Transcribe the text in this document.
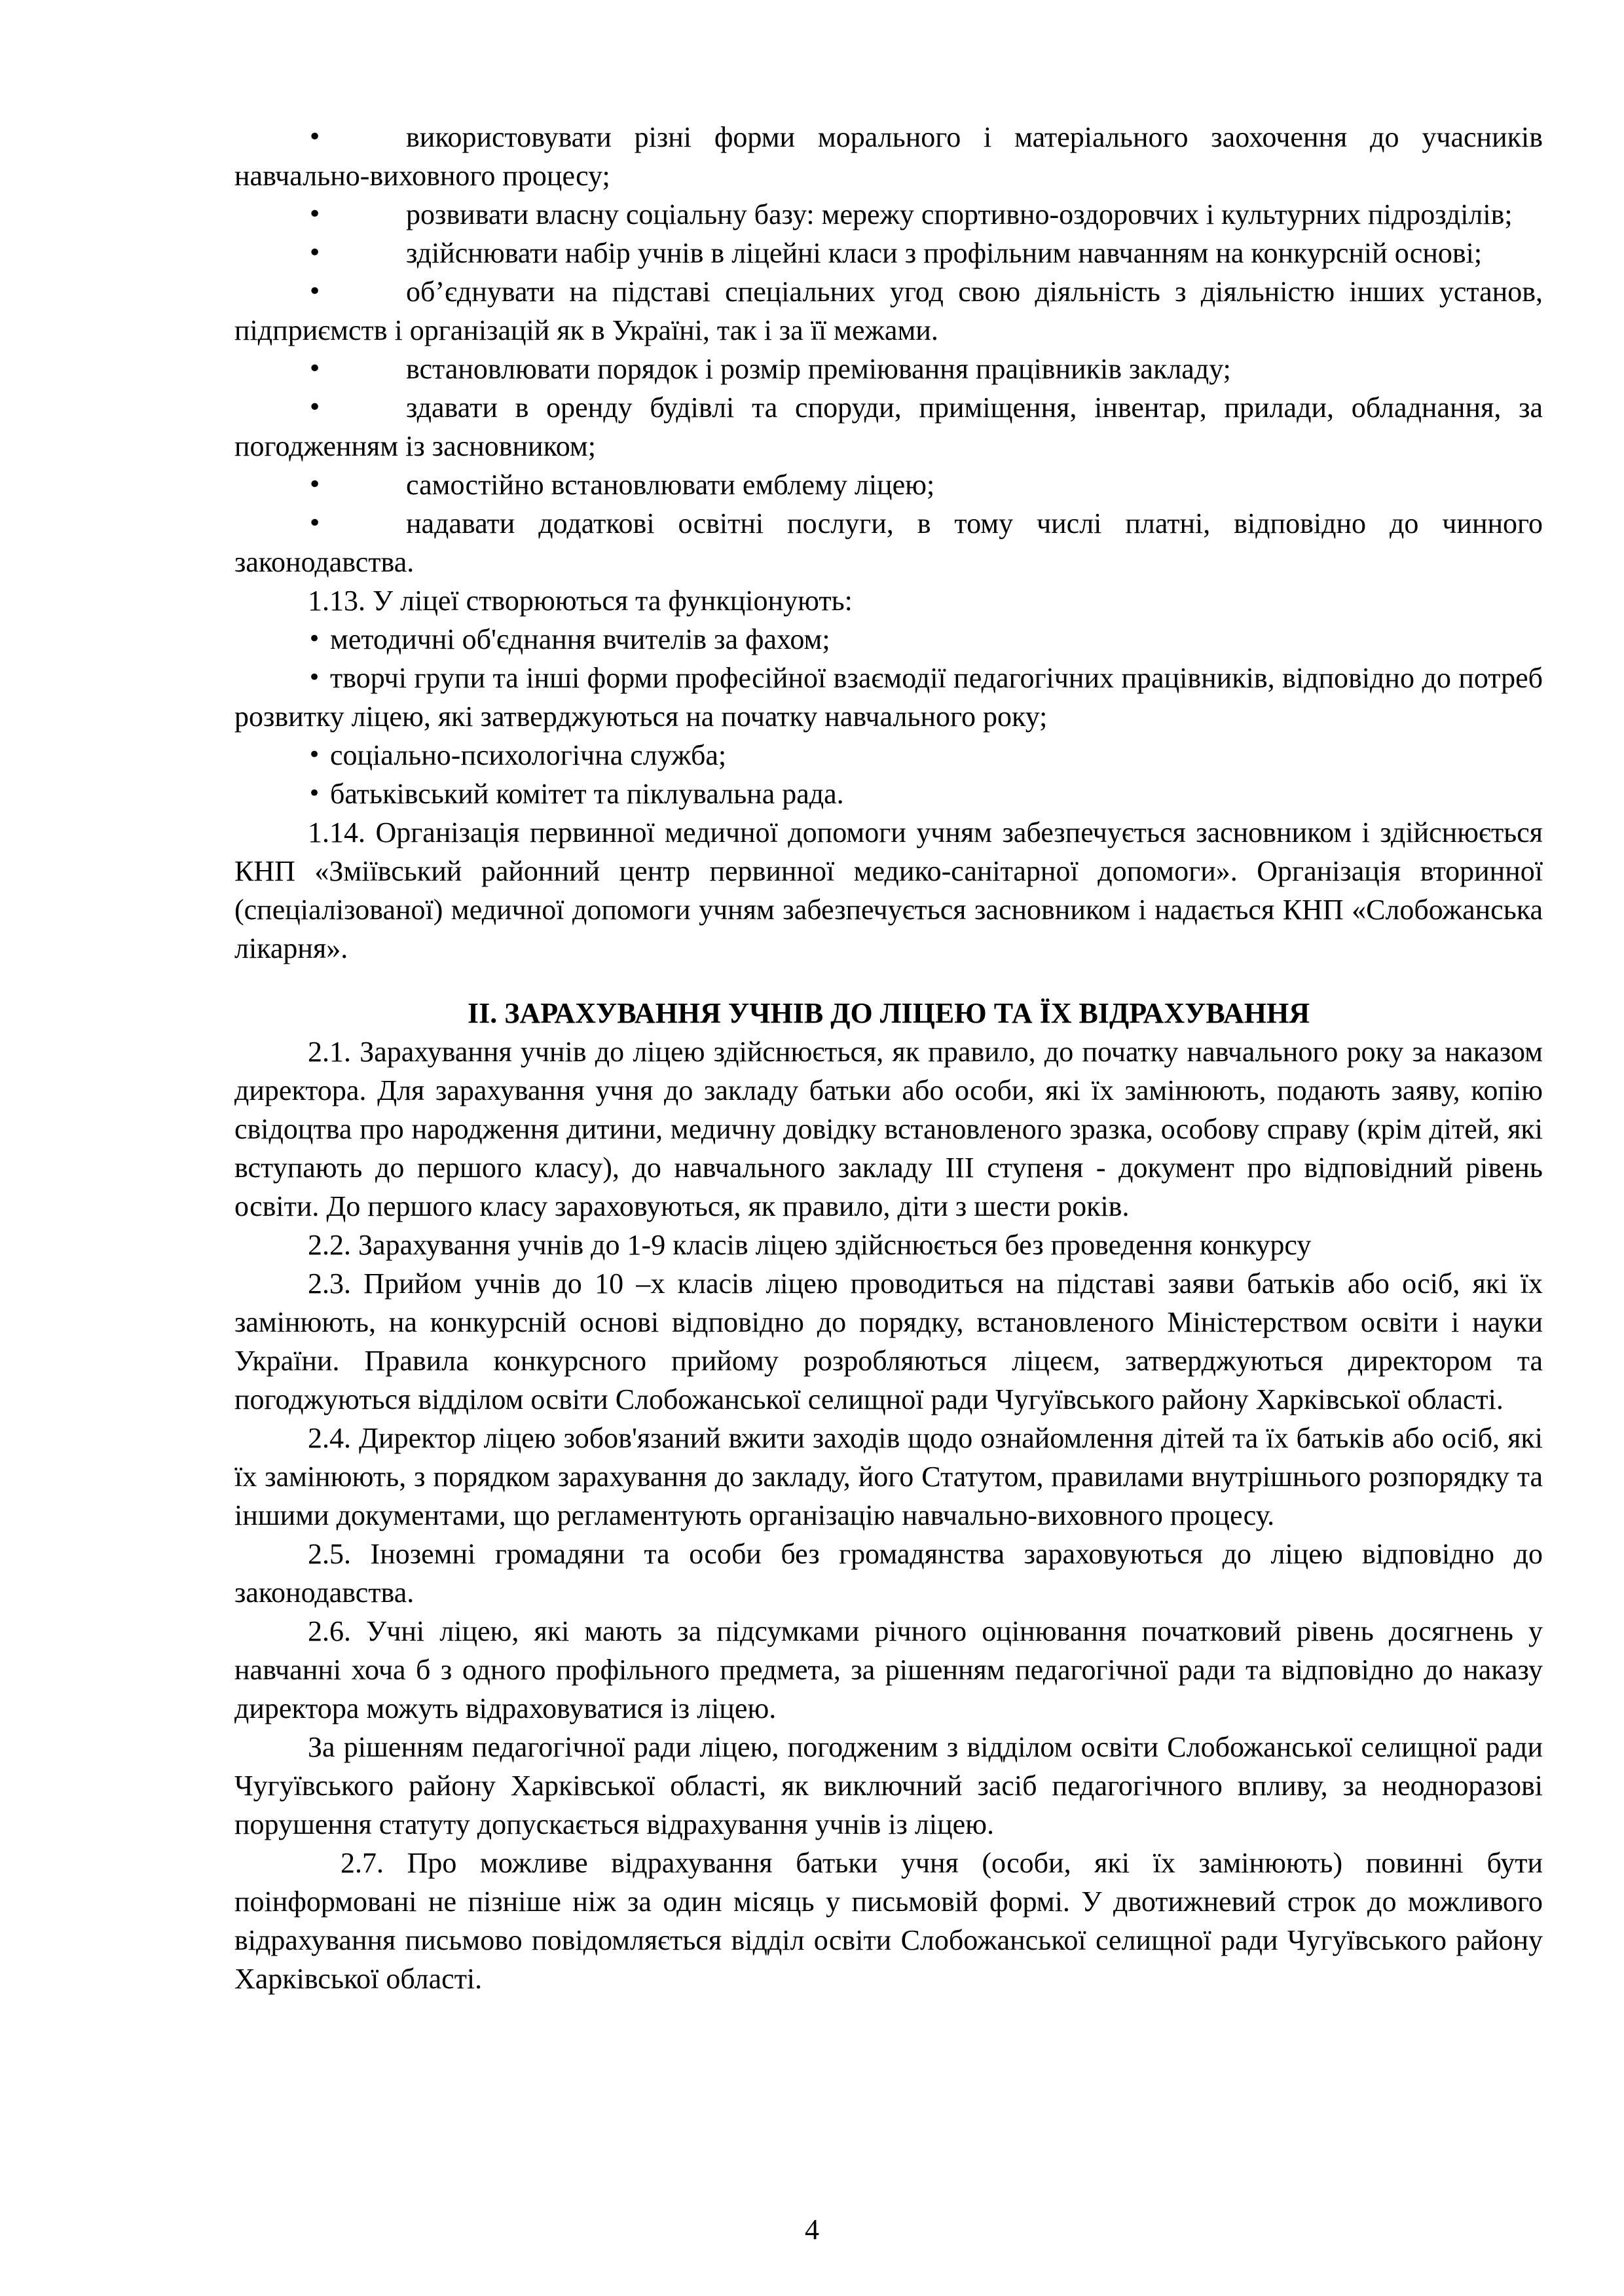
• використовувати різні форми морального і матеріального заохочення до учасників навчально-виховного процесу;

• розвивати власну соціальну базу: мережу спортивно-оздоровчих і культурних підрозділів;

• здійснювати набір учнів в ліцейні класи з профільним навчанням на конкурсній основі;

• об’єднувати на підставі спеціальних угод свою діяльність з діяльністю інших установ, підприємств і організацій як в Україні, так і за її межами.

• встановлювати порядок і розмір преміювання працівників закладу;

• здавати в оренду будівлі та споруди, приміщення, інвентар, прилади, обладнання, за погодженням із засновником;

• самостійно встановлювати емблему ліцею;

• надавати додаткові освітні послуги, в тому числі платні, відповідно до чинного законодавства.

1.13. У ліцеї створюються та функціонують:

• методичні об'єднання вчителів за фахом;

• творчі групи та інші форми професійної взаємодії педагогічних працівників, відповідно до потреб розвитку ліцею, які затверджуються на початку навчального року;

• соціально-психологічна служба;

• батьківський комітет та піклувальна рада.

1.14. Організація первинної медичної допомоги учням забезпечується засновником і здійснюється КНП «Зміївський районний центр первинної медико-санітарної допомоги». Організація вторинної (спеціалізованої) медичної допомоги учням забезпечується засновником і надається КНП «Слобожанська лікарня».

ІІ. ЗАРАХУВАННЯ УЧНІВ ДО ЛІЦЕЮ ТА ЇХ ВІДРАХУВАННЯ

2.1. Зарахування учнів до ліцею здійснюється, як правило, до початку навчального року за наказом директора. Для зарахування учня до закладу батьки або особи, які їх замінюють, подають заяву, копію свідоцтва про народження дитини, медичну довідку встановленого зразка, особову справу (крім дітей, які вступають до першого класу), до навчального закладу ІІІ ступеня - документ про відповідний рівень освіти. До першого класу зараховуються, як правило, діти з шести років.

2.2. Зарахування учнів до 1-9 класів ліцею здійснюється без проведення конкурсу

2.3. Прийом учнів до 10 –х класів ліцею проводиться на підставі заяви батьків або осіб, які їх замінюють, на конкурсній основі відповідно до порядку, встановленого Міністерством освіти і науки України. Правила конкурсного прийому розробляються ліцеєм, затверджуються директором та погоджуються відділом освіти Слобожанської селищної ради Чугуївського району Харківської області.

2.4. Директор ліцею зобов'язаний вжити заходів щодо ознайомлення дітей та їх батьків або осіб, які їх замінюють, з порядком зарахування до закладу, його Статутом, правилами внутрішнього розпорядку та іншими документами, що регламентують організацію навчально-виховного процесу.

2.5. Іноземні громадяни та особи без громадянства зараховуються до ліцею відповідно до законодавства.

2.6. Учні ліцею, які мають за підсумками річного оцінювання початковий рівень досягнень у навчанні хоча б з одного профільного предмета, за рішенням педагогічної ради та відповідно до наказу директора можуть відраховуватися із ліцею.

За рішенням педагогічної ради ліцею, погодженим з відділом освіти Слобожанської селищної ради Чугуївського району Харківської області, як виключний засіб педагогічного впливу, за неодноразові порушення статуту допускається відрахування учнів із ліцею.

2.7. Про можливе відрахування батьки учня (особи, які їх замінюють) повинні бути поінформовані не пізніше ніж за один місяць у письмовій формі. У двотижневий строк до можливого відрахування письмово повідомляється відділ освіти Слобожанської селищної ради Чугуївського району Харківської області.

4
